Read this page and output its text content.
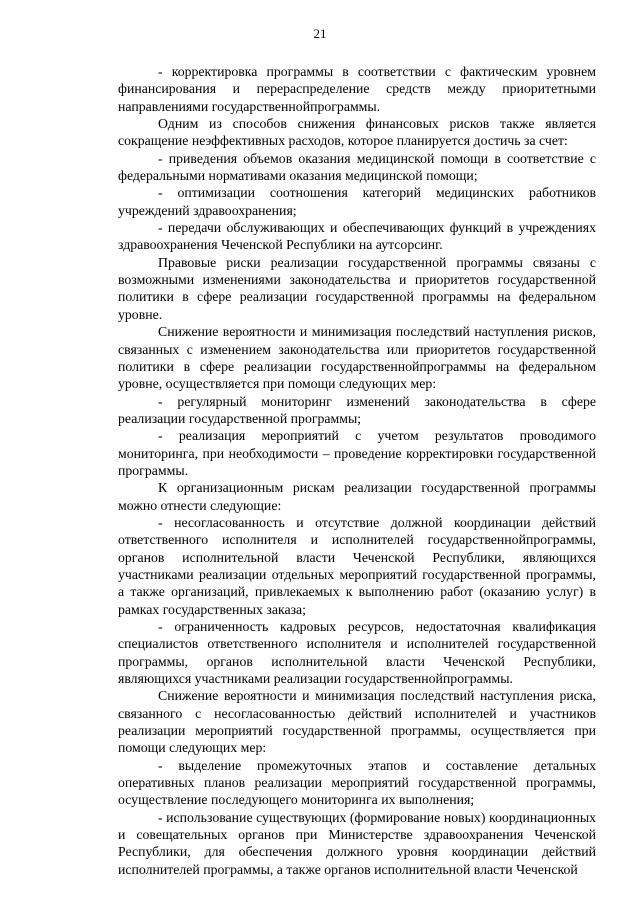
21

- корректировка программы в соответствии с фактическим уровнем финансирования и перераспределение средств между приоритетными направлениями государственнойпрограммы.

Одним из способов снижения финансовых рисков также является сокращение неэффективных расходов, которое планируется достичь за счет:

- приведения объемов оказания медицинской помощи в соответствие с федеральными нормативами оказания медицинской помощи;

- оптимизации соотношения категорий медицинских работников учреждений здравоохранения;

- передачи обслуживающих и обеспечивающих функций в учреждениях здравоохранения Чеченской Республики на аутсорсинг.

Правовые риски реализации государственной программы связаны с возможными изменениями законодательства и приоритетов государственной политики в сфере реализации государственной программы на федеральном уровне.

Снижение вероятности и минимизация последствий наступления рисков, связанных с изменением законодательства или приоритетов государственной политики в сфере реализации государственнойпрограммы на федеральном уровне, осуществляется при помощи следующих мер:

- регулярный мониторинг изменений законодательства в сфере реализации государственной программы;

- реализация мероприятий с учетом результатов проводимого мониторинга, при необходимости – проведение корректировки государственной программы.

К организационным рискам реализации государственной программы можно отнести следующие:

- несогласованность и отсутствие должной координации действий ответственного исполнителя и исполнителей государственнойпрограммы, органов исполнительной власти Чеченской Республики, являющихся участниками реализации отдельных мероприятий государственной программы, а также организаций, привлекаемых к выполнению работ (оказанию услуг) в рамках государственных заказа;

- ограниченность кадровых ресурсов, недостаточная квалификация специалистов ответственного исполнителя и исполнителей государственной программы, органов исполнительной власти Чеченской Республики, являющихся участниками реализации государственнойпрограммы.

Снижение вероятности и минимизация последствий наступления риска, связанного с несогласованностью действий исполнителей и участников реализации мероприятий государственной программы, осуществляется при помощи следующих мер:

- выделение промежуточных этапов и составление детальных оперативных планов реализации мероприятий государственной программы, осуществление последующего мониторинга их выполнения;

- использование существующих (формирование новых) координационных и совещательных органов при Министерстве здравоохранения Чеченской Республики, для обеспечения должного уровня координации действий исполнителей программы, а также органов исполнительной власти Чеченской
